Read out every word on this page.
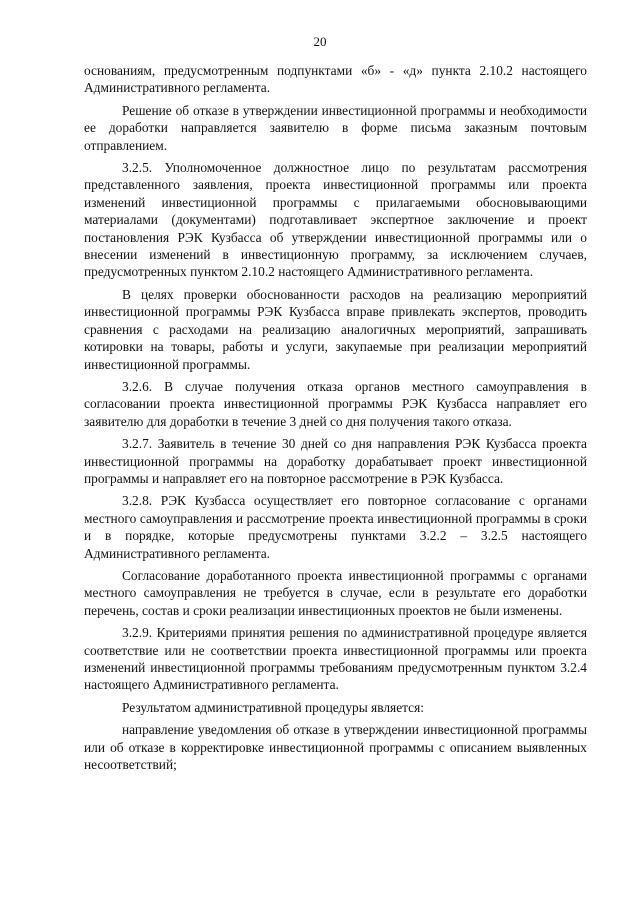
20

основаниям, предусмотренным подпунктами «б» - «д» пункта 2.10.2 настоящего Административного регламента.

Решение об отказе в утверждении инвестиционной программы и необходимости ее доработки направляется заявителю в форме письма заказным почтовым отправлением.

3.2.5. Уполномоченное должностное лицо по результатам рассмотрения представленного заявления, проекта инвестиционной программы или проекта изменений инвестиционной программы с прилагаемыми обосновывающими материалами (документами) подготавливает экспертное заключение и проект постановления РЭК Кузбасса об утверждении инвестиционной программы или о внесении изменений в инвестиционную программу, за исключением случаев, предусмотренных пунктом 2.10.2 настоящего Административного регламента.

В целях проверки обоснованности расходов на реализацию мероприятий инвестиционной программы РЭК Кузбасса вправе привлекать экспертов, проводить сравнения с расходами на реализацию аналогичных мероприятий, запрашивать котировки на товары, работы и услуги, закупаемые при реализации мероприятий инвестиционной программы.

3.2.6. В случае получения отказа органов местного самоуправления в согласовании проекта инвестиционной программы РЭК Кузбасса направляет его заявителю для доработки в течение 3 дней со дня получения такого отказа.

3.2.7. Заявитель в течение 30 дней со дня направления РЭК Кузбасса проекта инвестиционной программы на доработку дорабатывает проект инвестиционной программы и направляет его на повторное рассмотрение в РЭК Кузбасса.

3.2.8. РЭК Кузбасса осуществляет его повторное согласование с органами местного самоуправления и рассмотрение проекта инвестиционной программы в сроки и в порядке, которые предусмотрены пунктами 3.2.2 – 3.2.5 настоящего Административного регламента.

Согласование доработанного проекта инвестиционной программы с органами местного самоуправления не требуется в случае, если в результате его доработки перечень, состав и сроки реализации инвестиционных проектов не были изменены.

3.2.9. Критериями принятия решения по административной процедуре является соответствие или не соответствии проекта инвестиционной программы или проекта изменений инвестиционной программы требованиям предусмотренным пунктом 3.2.4 настоящего Административного регламента.

Результатом административной процедуры является:

направление уведомления об отказе в утверждении инвестиционной программы или об отказе в корректировке инвестиционной программы с описанием выявленных несоответствий;
